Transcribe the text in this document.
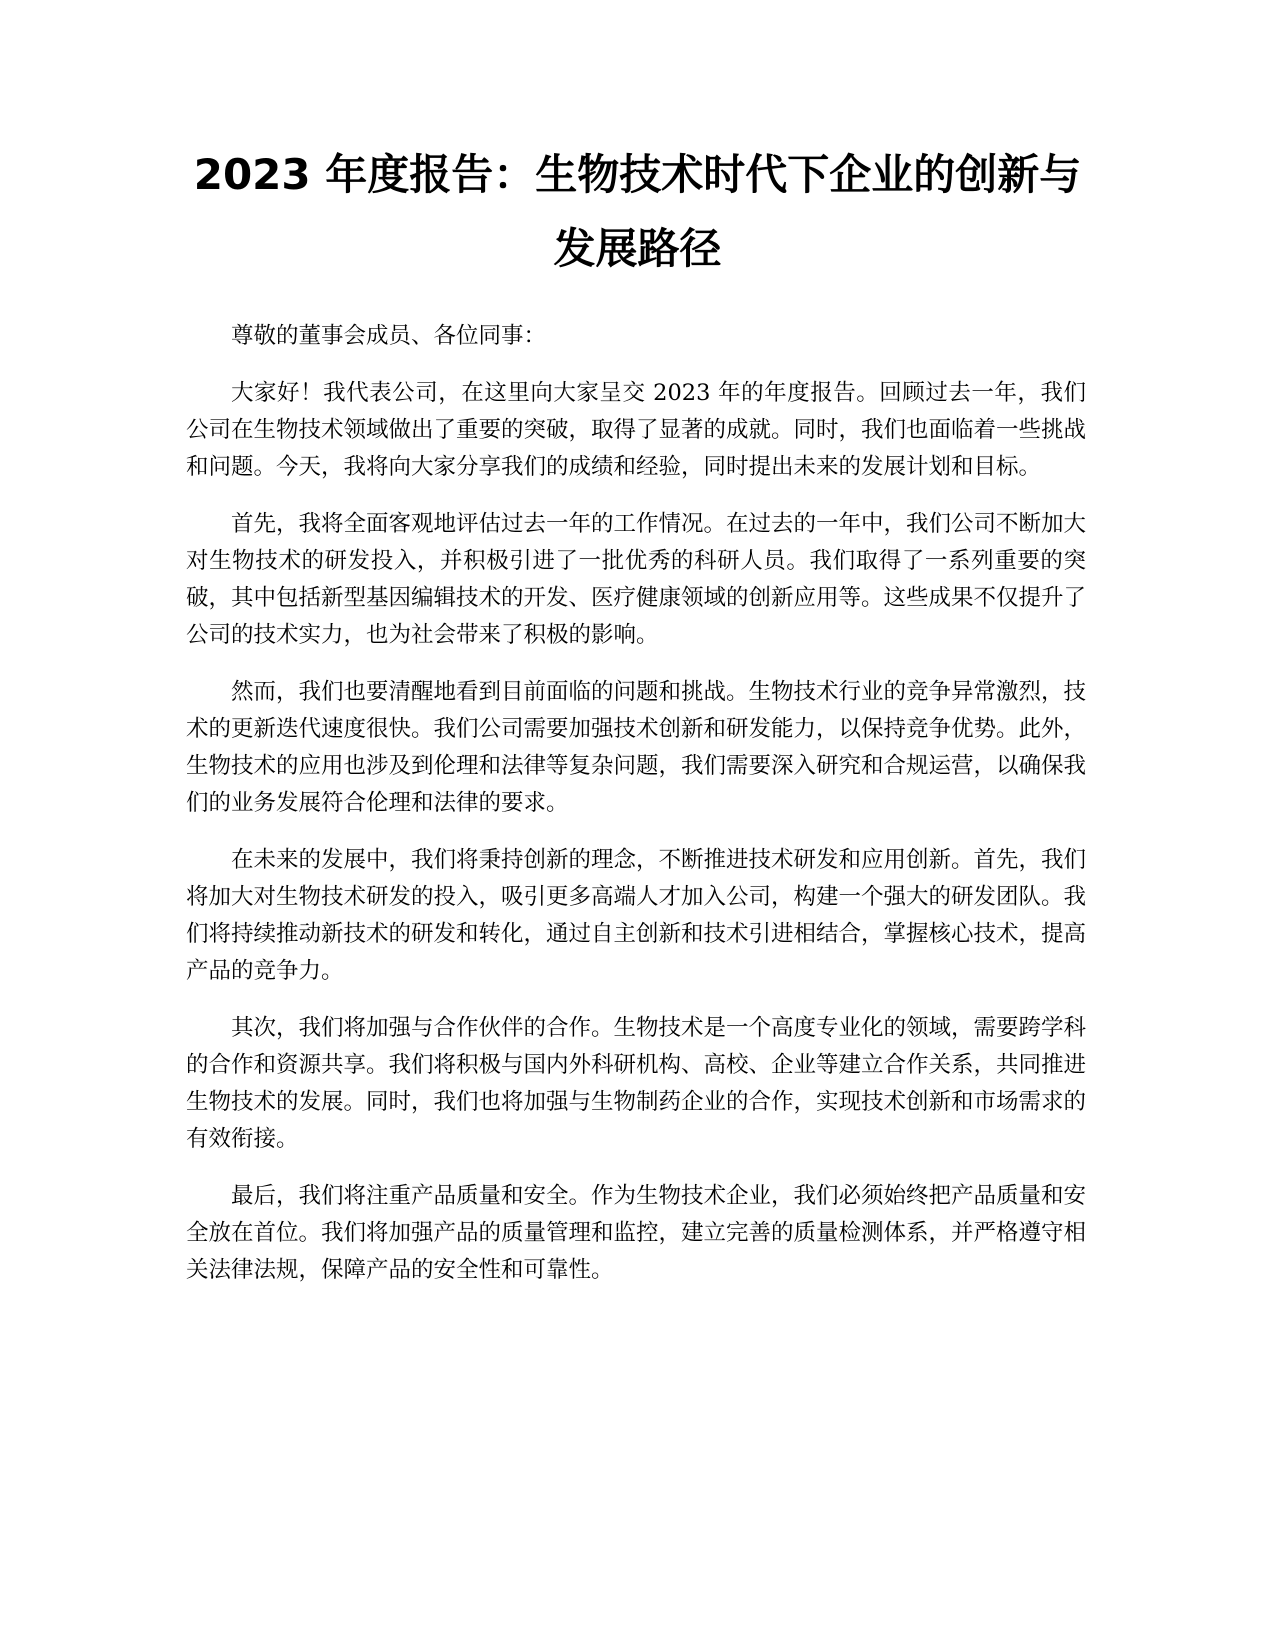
2023 年度报告：生物技术时代下企业的创新与发展路径

尊敬的董事会成员、各位同事：

大家好！我代表公司，在这里向大家呈交 2023 年的年度报告。回顾过去一年，我们公司在生物技术领域做出了重要的突破，取得了显著的成就。同时，我们也面临着一些挑战和问题。今天，我将向大家分享我们的成绩和经验，同时提出未来的发展计划和目标。

首先，我将全面客观地评估过去一年的工作情况。在过去的一年中，我们公司不断加大对生物技术的研发投入，并积极引进了一批优秀的科研人员。我们取得了一系列重要的突破，其中包括新型基因编辑技术的开发、医疗健康领域的创新应用等。这些成果不仅提升了公司的技术实力，也为社会带来了积极的影响。

然而，我们也要清醒地看到目前面临的问题和挑战。生物技术行业的竞争异常激烈，技术的更新迭代速度很快。我们公司需要加强技术创新和研发能力，以保持竞争优势。此外，生物技术的应用也涉及到伦理和法律等复杂问题，我们需要深入研究和合规运营，以确保我们的业务发展符合伦理和法律的要求。

在未来的发展中，我们将秉持创新的理念，不断推进技术研发和应用创新。首先，我们将加大对生物技术研发的投入，吸引更多高端人才加入公司，构建一个强大的研发团队。我们将持续推动新技术的研发和转化，通过自主创新和技术引进相结合，掌握核心技术，提高产品的竞争力。

其次，我们将加强与合作伙伴的合作。生物技术是一个高度专业化的领域，需要跨学科的合作和资源共享。我们将积极与国内外科研机构、高校、企业等建立合作关系，共同推进生物技术的发展。同时，我们也将加强与生物制药企业的合作，实现技术创新和市场需求的有效衔接。

最后，我们将注重产品质量和安全。作为生物技术企业，我们必须始终把产品质量和安全放在首位。我们将加强产品的质量管理和监控，建立完善的质量检测体系，并严格遵守相关法律法规，保障产品的安全性和可靠性。
